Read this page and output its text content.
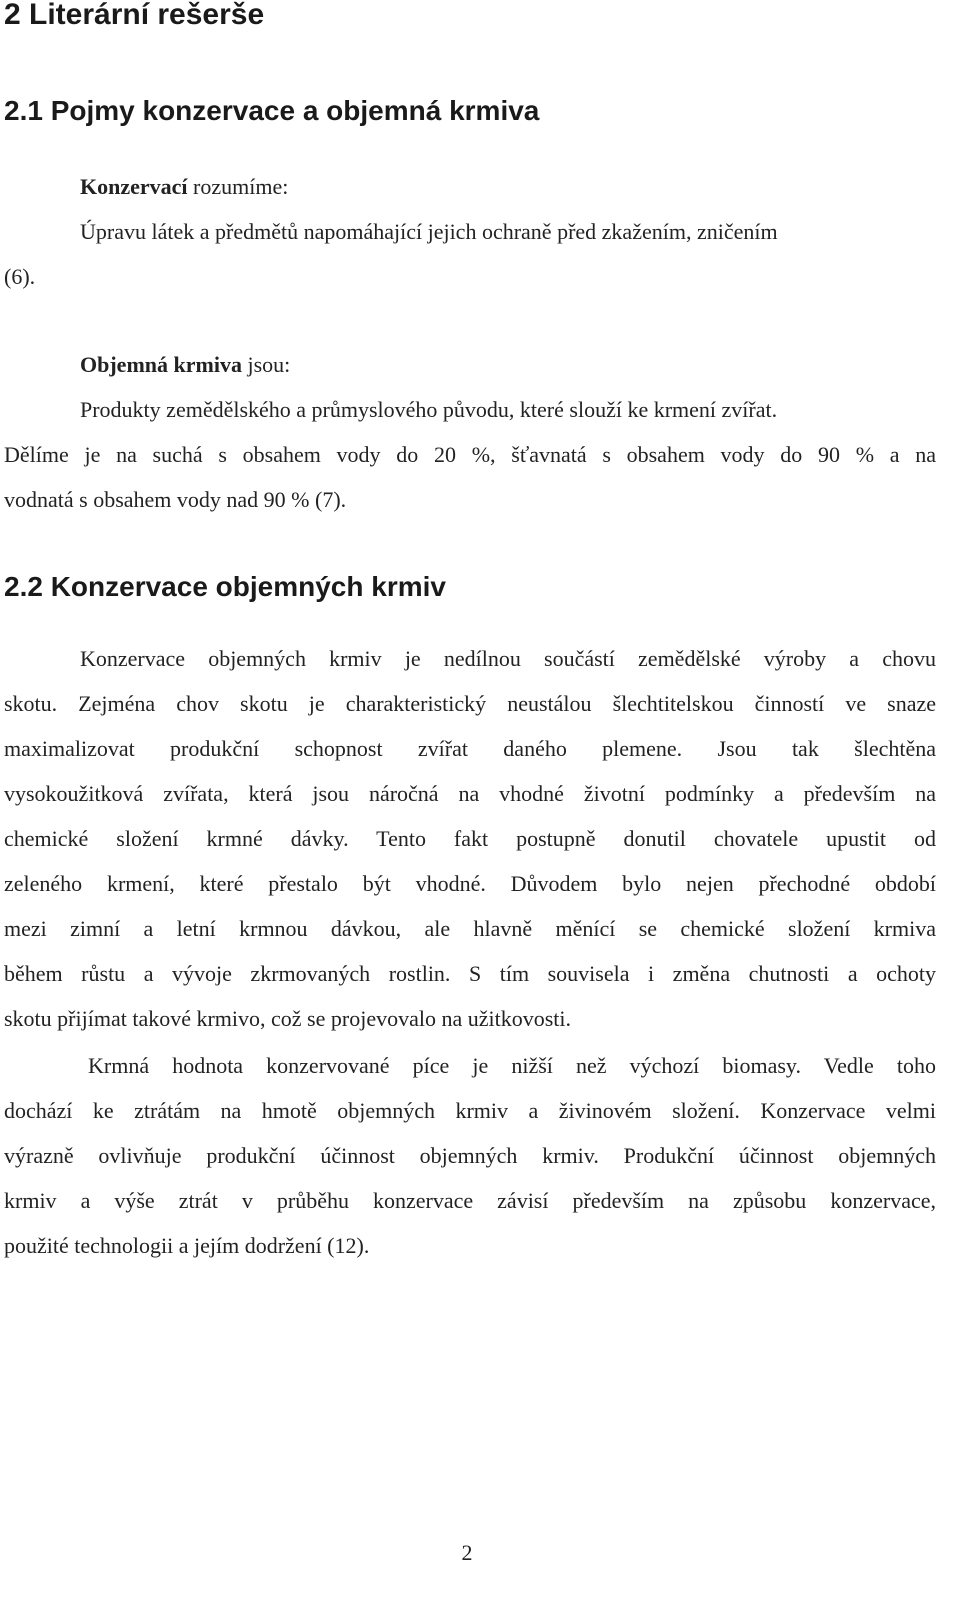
2 Literární rešerše
2.1 Pojmy konzervace a objemná krmiva
Konzervací rozumíme:
Úpravu látek a předmětů napomáhající jejich ochraně před zkažením, zničením
(6).
Objemná krmiva jsou:
Produkty zemědělského a průmyslového původu, které slouží ke krmení zvířat.
Dělíme je na suchá s obsahem vody do 20 %, šťavnatá s obsahem vody do 90 % a na
vodnatá s obsahem vody nad 90 % (7).
2.2 Konzervace objemných krmiv
Konzervace objemných krmiv je nedílnou součástí zemědělské výroby a chovu
skotu. Zejména chov skotu je charakteristický neustálou šlechtitelskou činností ve snaze
maximalizovat produkční schopnost zvířat daného plemene. Jsou tak šlechtěna
vysokoužitková zvířata, která jsou náročná na vhodné životní podmínky a především na
chemické složení krmné dávky. Tento fakt postupně donutil chovatele upustit od
zeleného krmení, které přestalo být vhodné. Důvodem bylo nejen přechodné období
mezi zimní a letní krmnou dávkou, ale hlavně měnící se chemické složení krmiva
během růstu a vývoje zkrmovaných rostlin. S tím souvisela i změna chutnosti a ochoty
skotu přijímat takové krmivo, což se projevovalo na užitkovosti.
Krmná hodnota konzervované píce je nižší než výchozí biomasy. Vedle toho
dochází ke ztrátám na hmotě objemných krmiv a živinovém složení. Konzervace velmi
výrazně ovlivňuje produkční účinnost objemných krmiv. Produkční účinnost objemných
krmiv a výše ztrát v průběhu konzervace závisí především na způsobu konzervace,
použité technologii a jejím dodržení (12).
2
